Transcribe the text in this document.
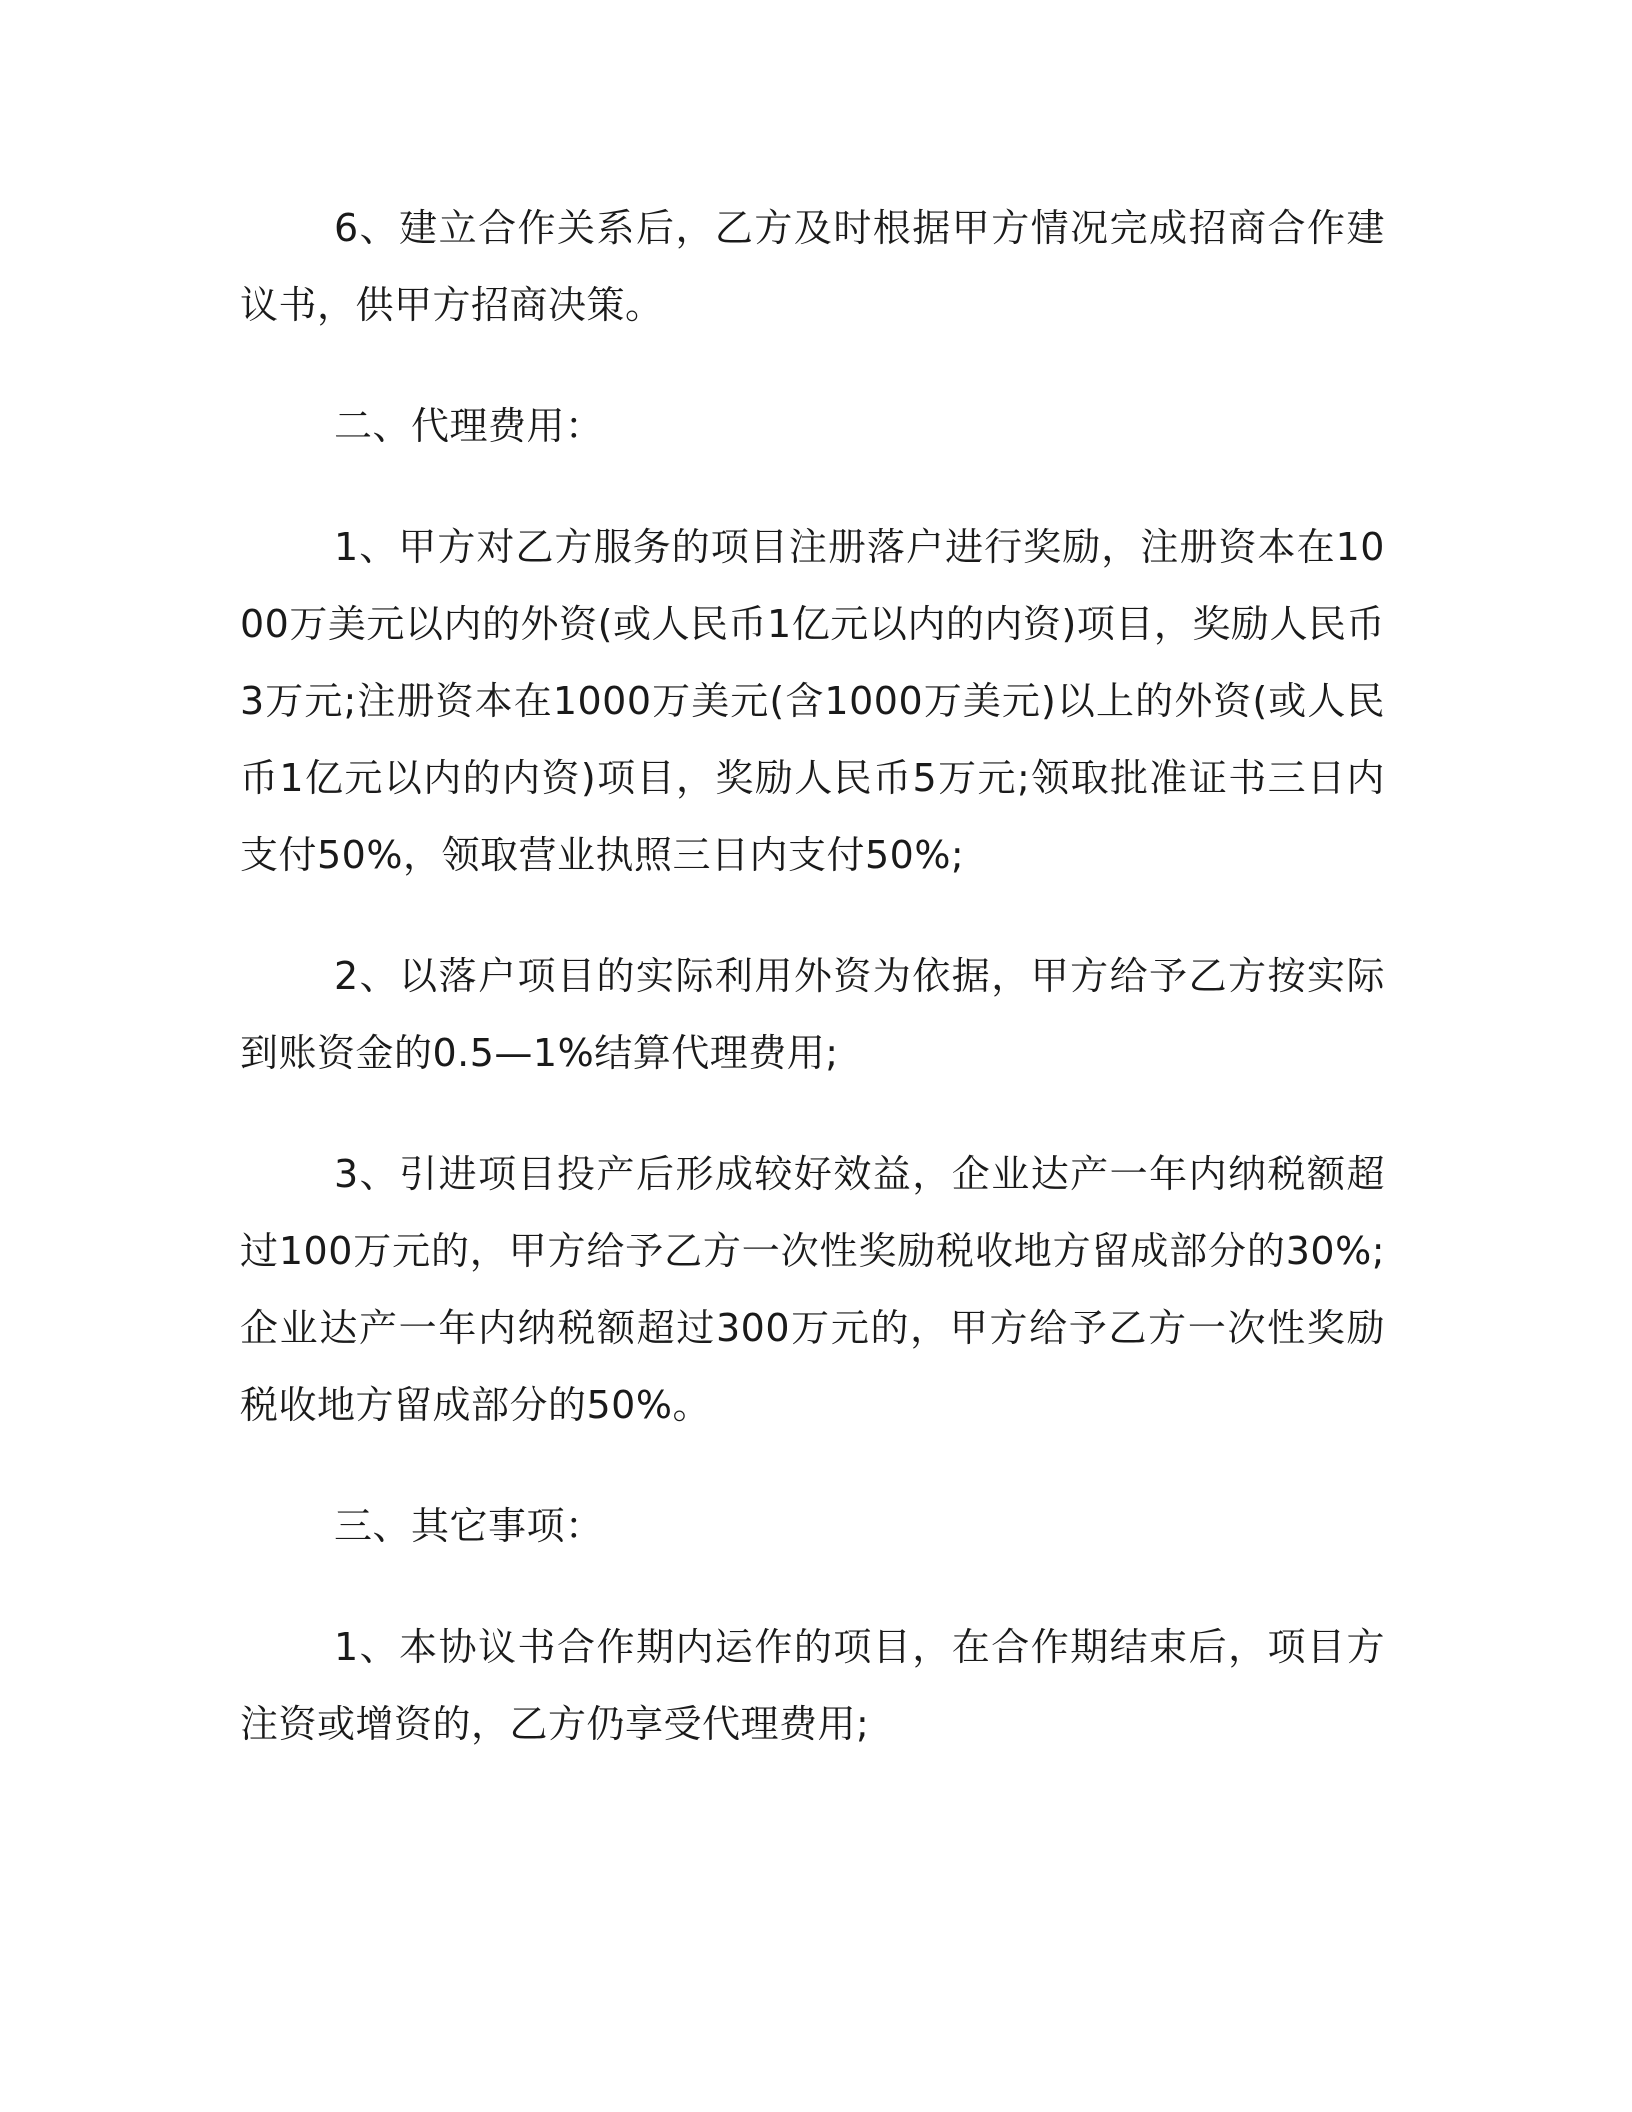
6、建立合作关系后，乙方及时根据甲方情况完成招商合作建议书，供甲方招商决策。

二、代理费用：

1、甲方对乙方服务的项目注册落户进行奖励，注册资本在1000万美元以内的外资(或人民币1亿元以内的内资)项目，奖励人民币3万元;注册资本在1000万美元(含1000万美元)以上的外资(或人民币1亿元以内的内资)项目，奖励人民币5万元;领取批准证书三日内支付50%，领取营业执照三日内支付50%;

2、以落户项目的实际利用外资为依据，甲方给予乙方按实际到账资金的0.5—1%结算代理费用;

3、引进项目投产后形成较好效益，企业达产一年内纳税额超过100万元的，甲方给予乙方一次性奖励税收地方留成部分的30%;企业达产一年内纳税额超过300万元的，甲方给予乙方一次性奖励税收地方留成部分的50%。

三、其它事项：

1、本协议书合作期内运作的项目，在合作期结束后，项目方注资或增资的，乙方仍享受代理费用;
